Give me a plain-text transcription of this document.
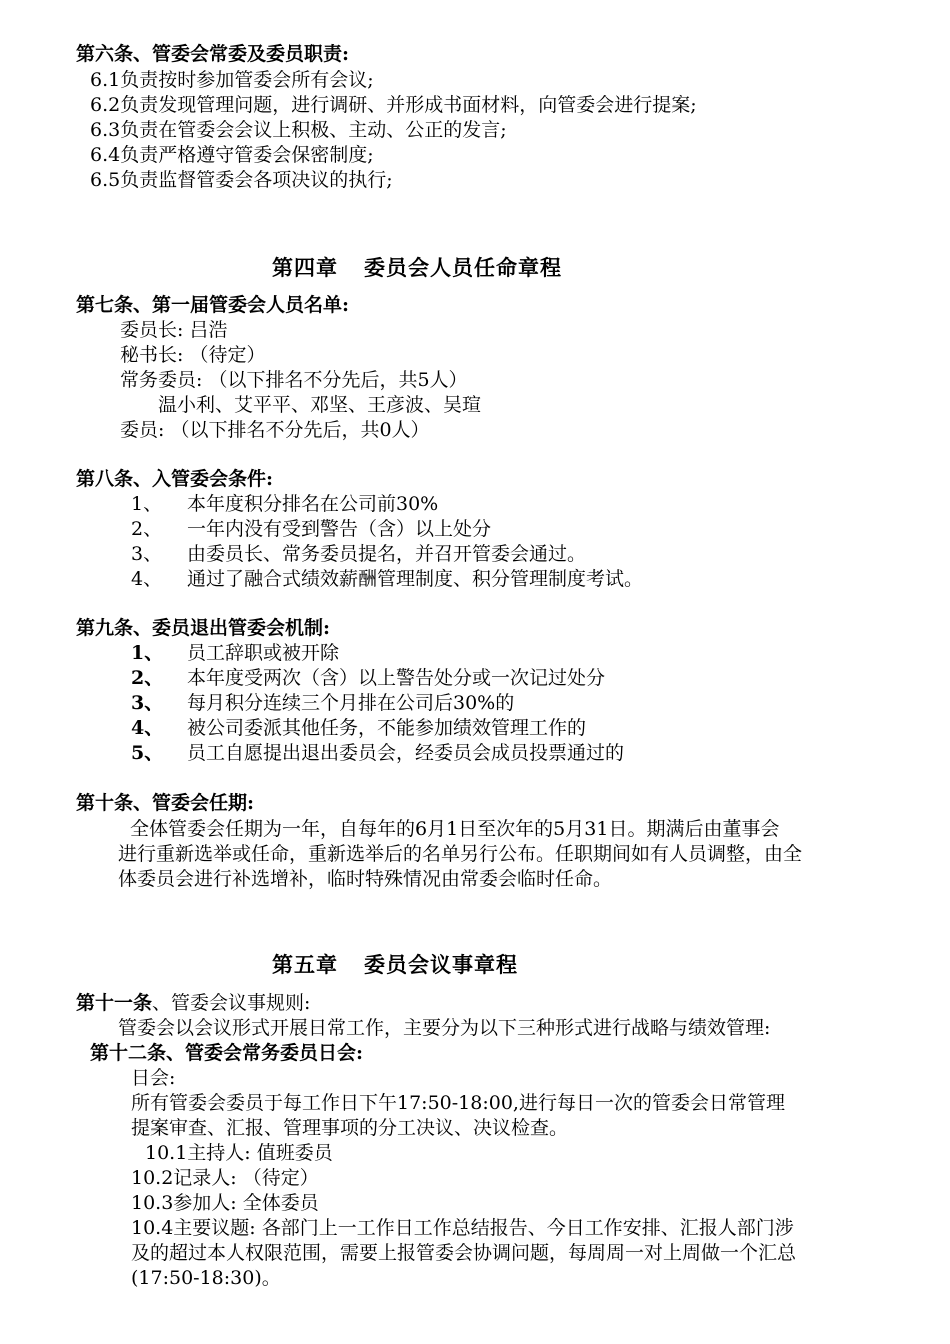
第六条、管委会常委及委员职责:
6.1负责按时参加管委会所有会议;
6.2负责发现管理问题，进行调研、并形成书面材料，向管委会进行提案;
6.3负责在管委会会议上积极、主动、公正的发言;
6.4负责严格遵守管委会保密制度;
6.5负责监督管委会各项决议的执行;
第四章 委员会人员任命章程
第七条、第一届管委会人员名单:
委员长: 吕浩
秘书长: （待定）
常务委员: （以下排名不分先后，共5人）
温小利、艾平平、邓坚、王彦波、吴瑄
委员: （以下排名不分先后，共0人）
第八条、入管委会条件:
1、 本年度积分排名在公司前30%
2、 一年内没有受到警告（含）以上处分
3、 由委员长、常务委员提名，并召开管委会通过。
4、 通过了融合式绩效薪酬管理制度、积分管理制度考试。
第九条、委员退出管委会机制:
1、 员工辞职或被开除
2、 本年度受两次（含）以上警告处分或一次记过处分
3、 每月积分连续三个月排在公司后30%的
4、 被公司委派其他任务，不能参加绩效管理工作的
5、 员工自愿提出退出委员会，经委员会成员投票通过的
第十条、管委会任期:
全体管委会任期为一年，自每年的6月1日至次年的5月31日。期满后由董事会
进行重新选举或任命，重新选举后的名单另行公布。任职期间如有人员调整，由全
体委员会进行补选增补，临时特殊情况由常委会临时任命。
第五章 委员会议事章程
第十一条、管委会议事规则:
管委会以会议形式开展日常工作，主要分为以下三种形式进行战略与绩效管理:
第十二条、管委会常务委员日会:
日会:
所有管委会委员于每工作日下午17:50-18:00,进行每日一次的管委会日常管理
提案审查、汇报、管理事项的分工决议、决议检查。
10.1主持人: 值班委员
10.2记录人: （待定）
10.3参加人: 全体委员
10.4主要议题: 各部门上一工作日工作总结报告、今日工作安排、汇报人部门涉
及的超过本人权限范围，需要上报管委会协调问题，每周周一对上周做一个汇总
(17:50-18:30)。
